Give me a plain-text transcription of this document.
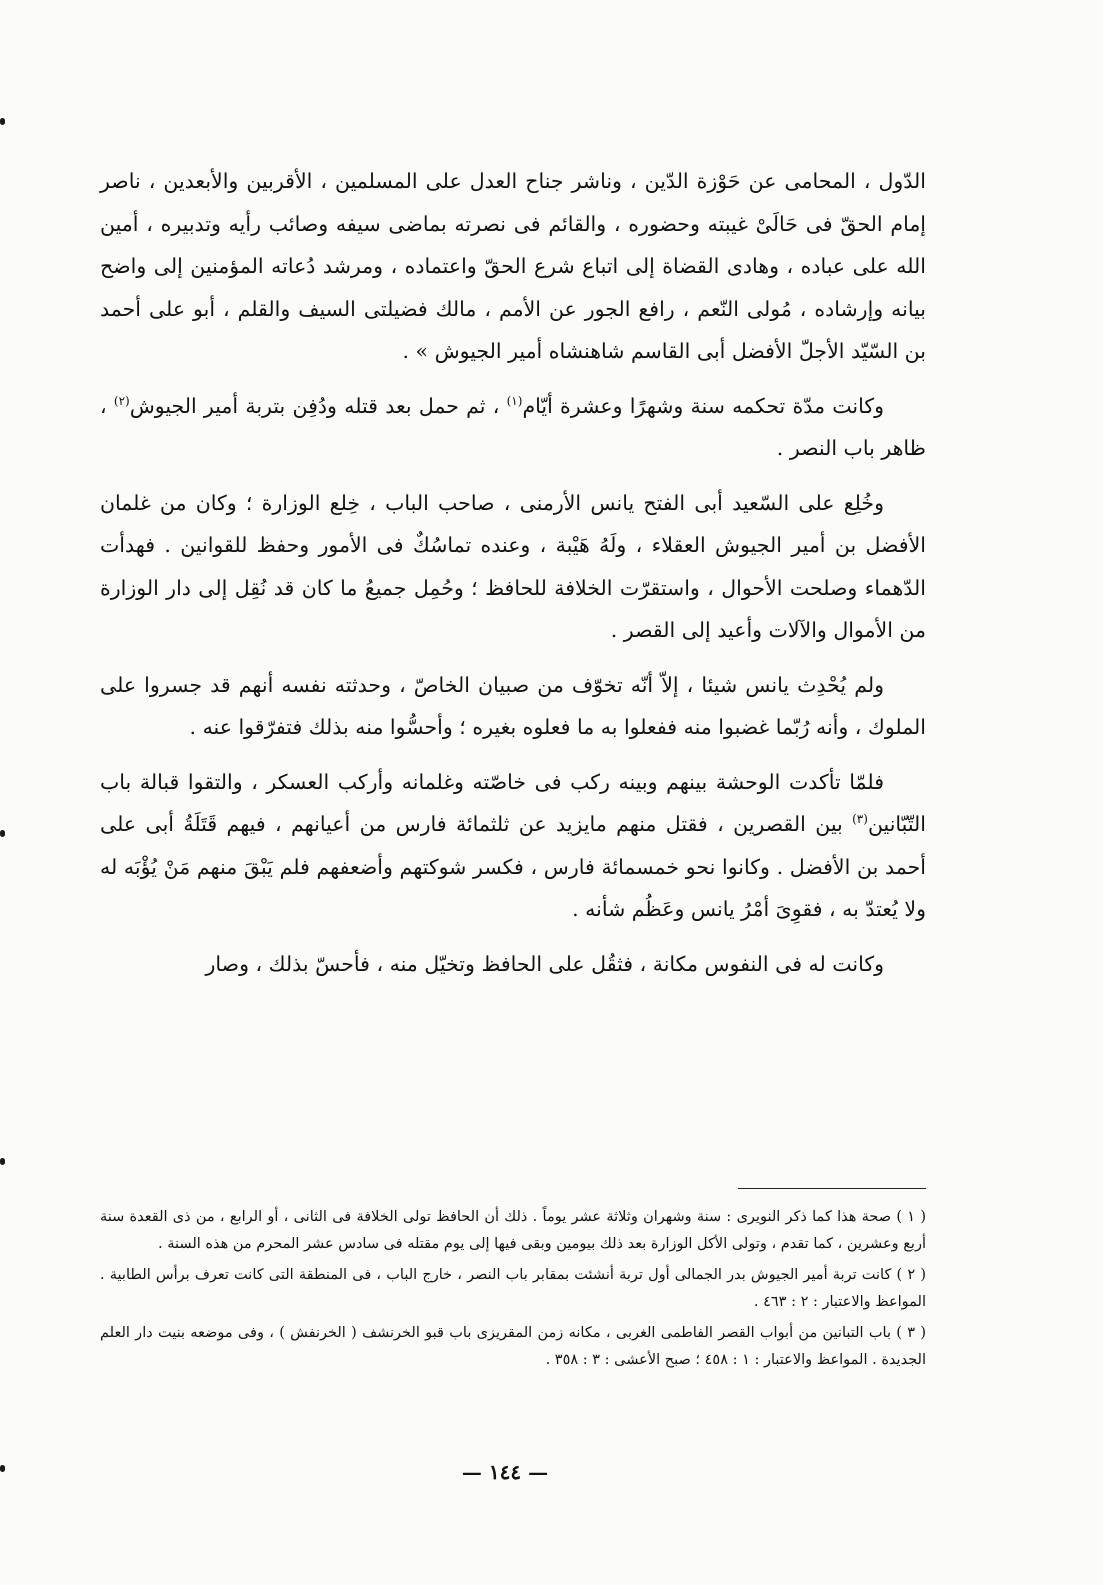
الدّول ، المحامى عن حَوْزة الدّين ، وناشر جناح العدل على المسلمين ، الأقربين والأبعدين ، ناصر إمام الحقّ فى حَالَىْ غيبته وحضوره ، والقائم فى نصرته بماضى سيفه وصائب رأيه وتدبيره ، أمين الله على عباده ، وهادى القضاة إلى اتباع شرع الحقّ واعتماده ، ومرشد دُعاته المؤمنين إلى واضح بيانه وإرشاده ، مُولى النّعم ، رافع الجور عن الأمم ، مالك فضيلتى السيف والقلم ، أبو على أحمد بن السّيّد الأجلّ الأفضل أبى القاسم شاهنشاه أمير الجيوش » .

وكانت مدّة تحكمه سنة وشهرًا وعشرة أيّام$^{(١)}$ ، ثم حمل بعد قتله ودُفِن بتربة أمير الجيوش$^{(٢)}$ ، ظاهر باب النصر .

وخُلِع على السّعيد أبى الفتح يانس الأرمنى ، صاحب الباب ، خِلع الوزارة ؛ وكان من غلمان الأفضل بن أمير الجيوش العقلاء ، ولَهُ هَيْبة ، وعنده تماسُكٌ فى الأمور وحفظ للقوانين . فهدأت الدّهماء وصلحت الأحوال ، واستقرّت الخلافة للحافظ ؛ وحُمِل جميعُ ما كان قد نُقِل إلى دار الوزارة من الأموال والآلات وأعيد إلى القصر .

ولم يُحْدِث يانس شيئا ، إلاّ أنّه تخوّف من صبيان الخاصّ ، وحدثته نفسه أنهم قد جسروا على الملوك ، وأنه رُبّما غضبوا منه ففعلوا به ما فعلوه بغيره ؛ وأحسُّوا منه بذلك فتفرّقوا عنه .

فلمّا تأكدت الوحشة بينهم وبينه ركب فى خاصّته وغلمانه وأركب العسكر ، والتقوا قبالة باب التّبّانين$^{(٣)}$ بين القصرين ، فقتل منهم مايزيد عن ثلثمائة فارس من أعيانهم ، فيهم قَتَلَةُ أبى على أحمد بن الأفضل . وكانوا نحو خمسمائة فارس ، فكسر شوكتهم وأضعفهم فلم يَبْقَ منهم مَنْ يُؤْبَه له ولا يُعتدّ به ، فقوِىَ أمْرُ يانس وعَظُم شأنه .

وكانت له فى النفوس مكانة ، فثقُل على الحافظ وتخيّل منه ، فأحسّ بذلك ، وصار

( ١ ) صحة هذا كما ذكر النويرى : سنة وشهران وثلاثة عشر يوماً . ذلك أن الحافظ تولى الخلافة فى الثانى ، أو الرابع ، من ذى القعدة سنة أربع وعشرين ، كما تقدم ، وتولى الأكل الوزارة بعد ذلك بيومين وبقى فيها إلى يوم مقتله فى سادس عشر المحرم من هذه السنة .

( ٢ ) كانت تربة أمير الجيوش بدر الجمالى أول تربة أنشئت بمقابر باب النصر ، خارج الباب ، فى المنطقة التى كانت تعرف برأس الطابية . المواعظ والاعتبار : ٢ : ٤٦٣ .

( ٣ ) باب التبانين من أبواب القصر الفاطمى الغربى ، مكانه زمن المقريزى باب قبو الخرنشف ( الخرنفش ) ، وفى موضعه بنيت دار العلم الجديدة . المواعظ والاعتبار : ١ : ٤٥٨ ؛ صبح الأعشى : ٣ : ٣٥٨ .

— ١٤٤ —
